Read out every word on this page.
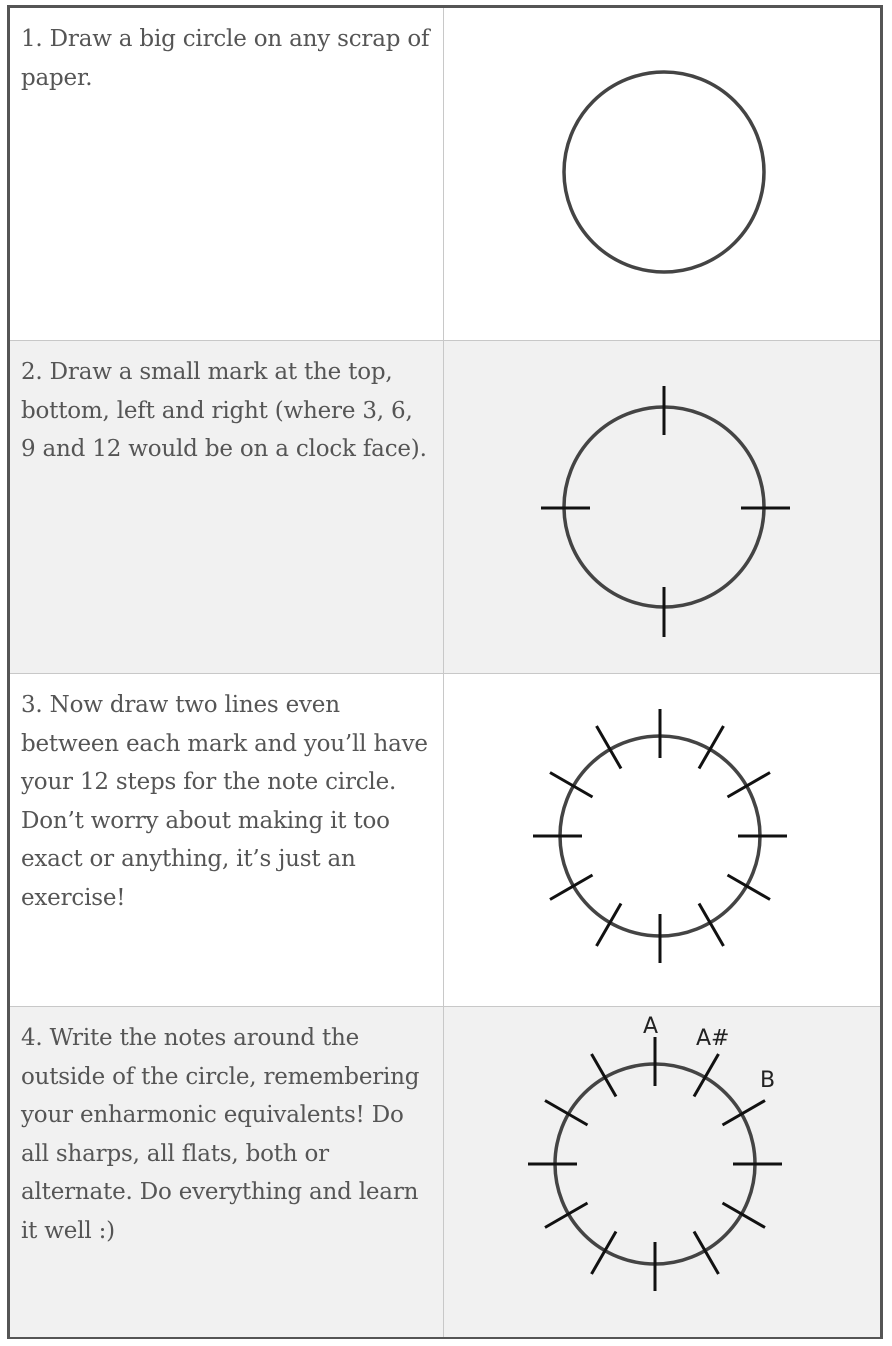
1. Draw a big circle on any scrap of paper.

2. Draw a small mark at the top, bottom, left and right (where 3, 6, 9 and 12 would be on a clock face).

3. Now draw two lines even between each mark and you’ll have your 12 steps for the note circle. Don’t worry about making it too exact or anything, it’s just an exercise!

4. Write the notes around the outside of the circle, remembering your enharmonic equivalents! Do all sharps, all flats, both or alternate. Do everything and learn it well :)

A A#
B
